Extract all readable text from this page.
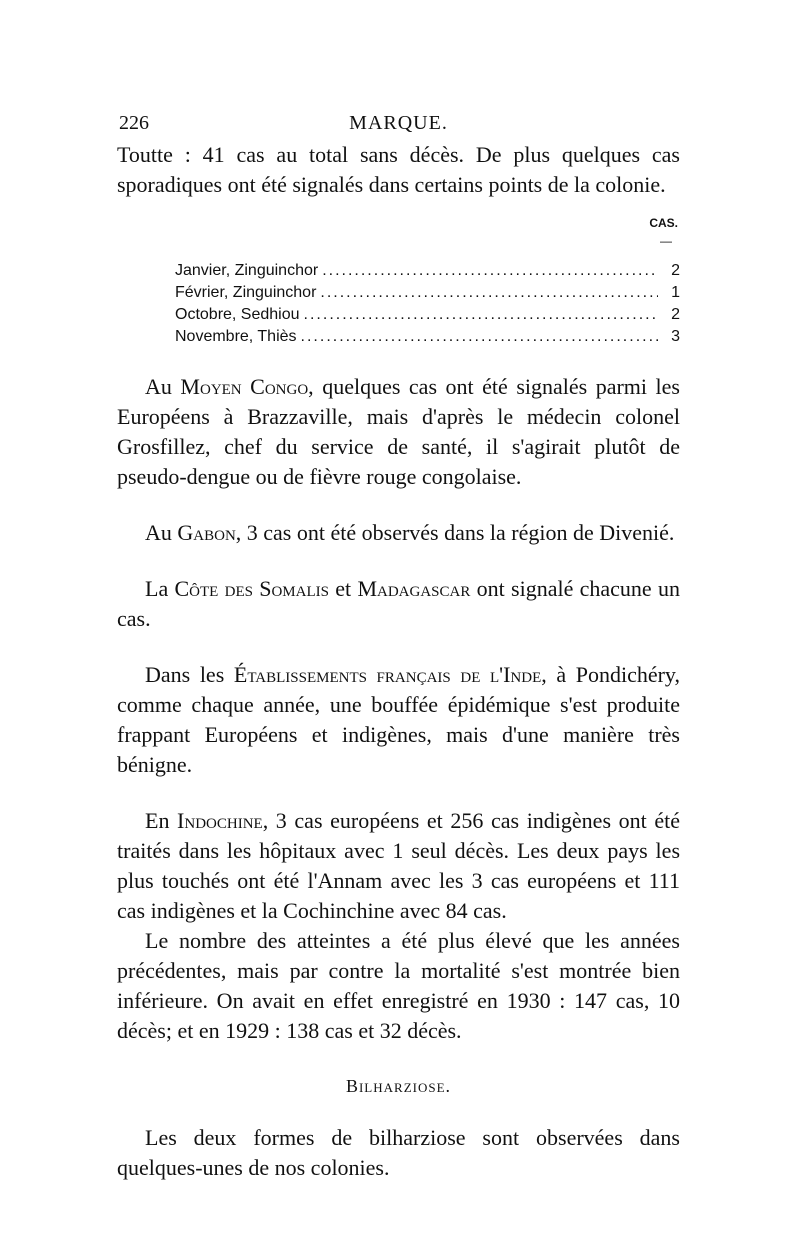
226	MARQUE.

Toutte : 41 cas au total sans décès. De plus quelques cas sporadiques ont été signalés dans certains points de la colonie.

CAS.
—
Janvier, Zinguinchor .....	2
Février, Zinguinchor .....	1
Octobre, Sedhiou .....	2
Novembre, Thiès .....	3

Au Moyen Congo, quelques cas ont été signalés parmi les Européens à Brazzaville, mais d'après le médecin colonel Grosfillez, chef du service de santé, il s'agirait plutôt de pseudo-dengue ou de fièvre rouge congolaise.

Au Gabon, 3 cas ont été observés dans la région de Divenié.

La Côte des Somalis et Madagascar ont signalé chacune un cas.

Dans les Établissements français de l'Inde, à Pondichéry, comme chaque année, une bouffée épidémique s'est produite frappant Européens et indigènes, mais d'une manière très bénigne.

En Indochine, 3 cas européens et 256 cas indigènes ont été traités dans les hôpitaux avec 1 seul décès. Les deux pays les plus touchés ont été l'Annam avec les 3 cas européens et 111 cas indigènes et la Cochinchine avec 84 cas.

Le nombre des atteintes a été plus élevé que les années précédentes, mais par contre la mortalité s'est montrée bien inférieure. On avait en effet enregistré en 1930 : 147 cas, 10 décès; et en 1929 : 138 cas et 32 décès.

Bilharziose.

Les deux formes de bilharziose sont observées dans quelques-unes de nos colonies.
